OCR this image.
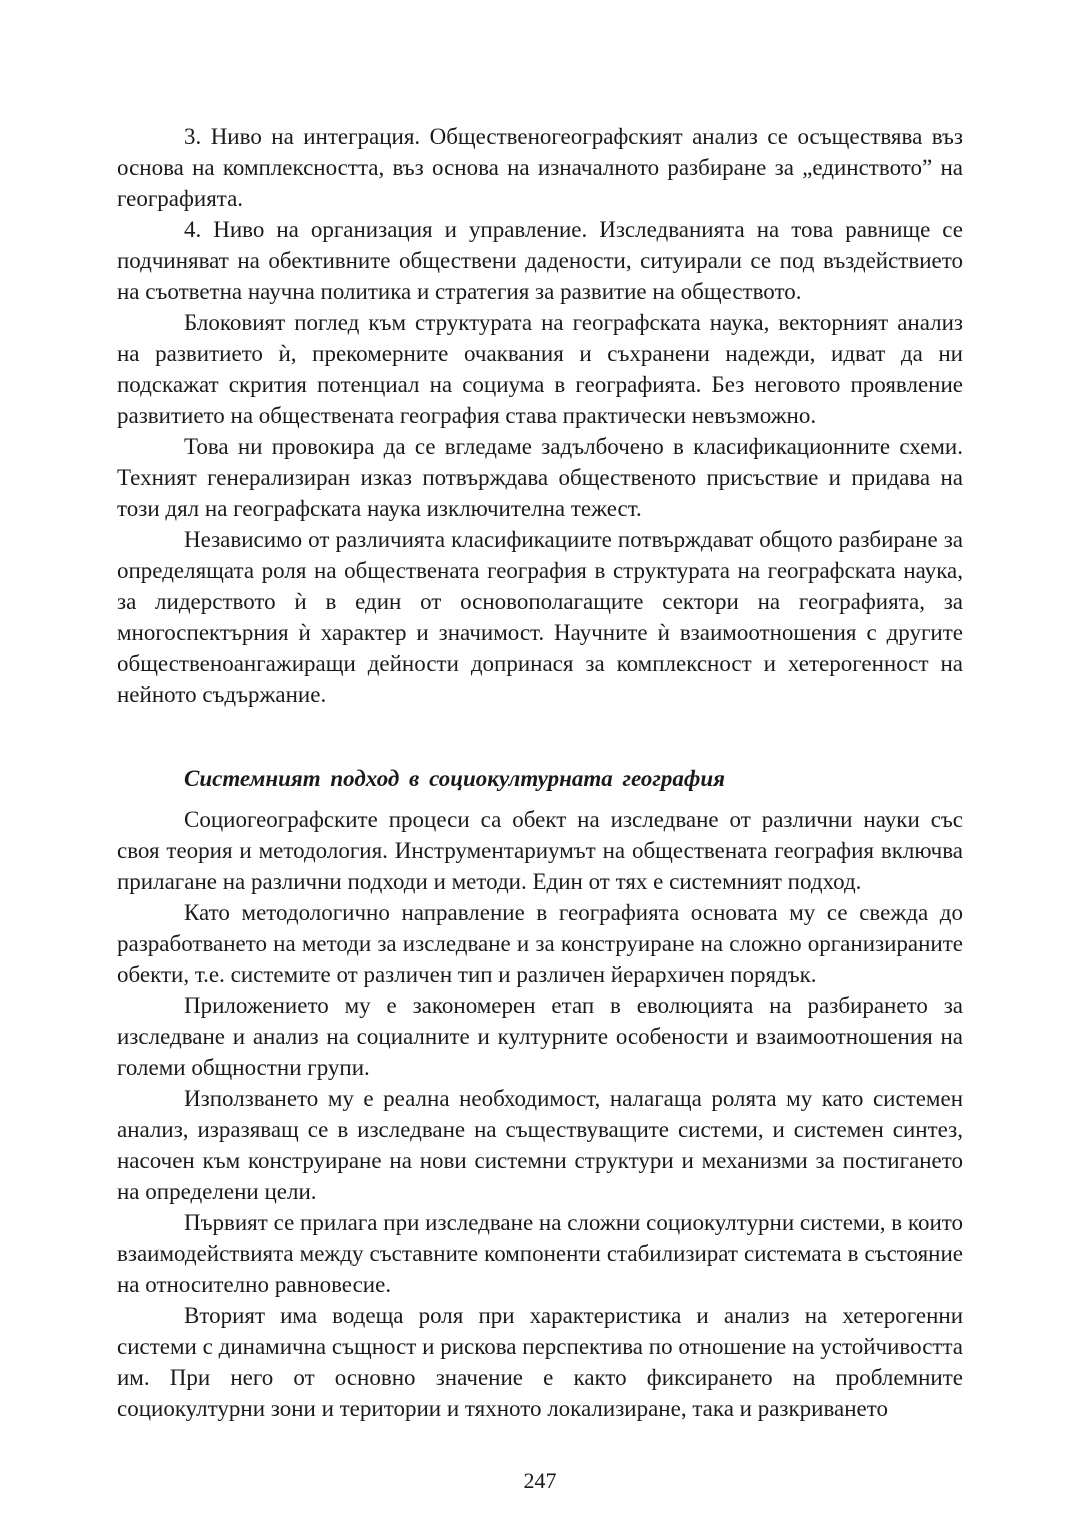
3. Ниво на интеграция. Общественогеографският анализ се осъществява въз основа на комплексността, въз основа на изначалното разбиране за „единството” на географията.

4. Ниво на организация и управление. Изследванията на това равнище се подчиняват на обективните обществени дадености, ситуирали се под въздействието на съответна научна политика и стратегия за развитие на обществото.

Блоковият поглед към структурата на географската наука, векторният анализ на развитието ѝ, прекомерните очаквания и съхранени надежди, идват да ни подскажат скрития потенциал на социума в географията. Без неговото проявление развитието на обществената география става практически невъзможно.

Това ни провокира да се вгледаме задълбочено в класификационните схеми. Техният генерализиран изказ потвърждава общественото присъствие и придава на този дял на географската наука изключителна тежест.

Независимо от различията класификациите потвърждават общото разбиране за определящата роля на обществената география в структурата на географската наука, за лидерството ѝ в един от основополагащите сектори на географията, за многоспектърния ѝ характер и значимост. Научните ѝ взаимоотношения с другите общественоангажиращи дейности допринася за комплексност и хетерогенност на нейното съдържание.

Системният подход в социокултурната география

Социогеографските процеси са обект на изследване от различни науки със своя теория и методология. Инструментариумът на обществената география включва прилагане на различни подходи и методи. Един от тях е системният подход.

Като методологично направление в географията основата му се свежда до разработването на методи за изследване и за конструиране на сложно организираните обекти, т.е. системите от различен тип и различен йерархичен порядък.

Приложението му е закономерен етап в еволюцията на разбирането за изследване и анализ на социалните и културните особености и взаимоотношения на големи общностни групи.

Използването му е реална необходимост, налагаща ролята му като системен анализ, изразяващ се в изследване на съществуващите системи, и системен синтез, насочен към конструиране на нови системни структури и механизми за постигането на определени цели.

Първият се прилага при изследване на сложни социокултурни системи, в които взаимодействията между съставните компоненти стабилизират системата в състояние на относително равновесие.

Вторият има водеща роля при характеристика и анализ на хетерогенни системи с динамична същност и рискова перспектива по отношение на устойчивостта им. При него от основно значение е както фиксирането на проблемните социокултурни зони и територии и тяхното локализиране, така и разкриването

247
